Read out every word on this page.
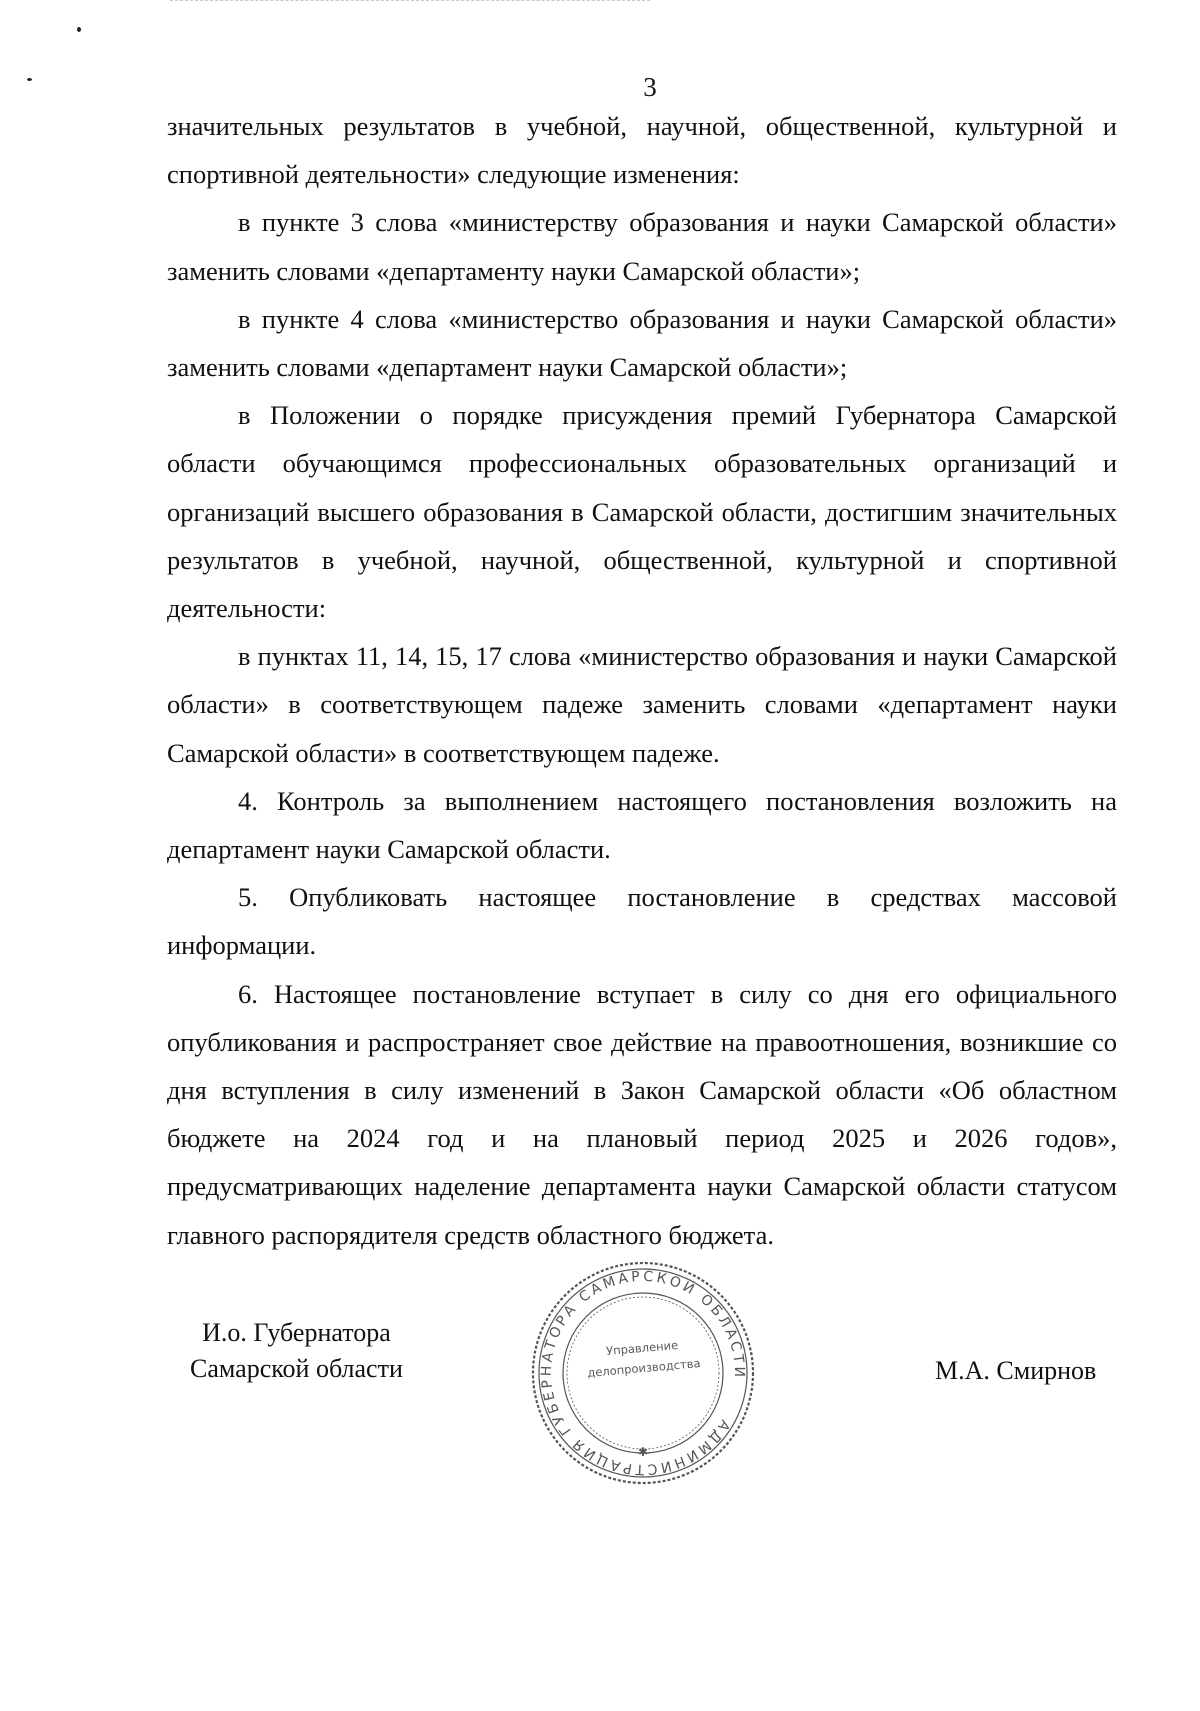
3

значительных результатов в учебной, научной, общественной, культурной и спортивной деятельности» следующие изменения:

в пункте 3 слова «министерству образования и науки Самарской области» заменить словами «департаменту науки Самарской области»;

в пункте 4 слова «министерство образования и науки Самарской области» заменить словами «департамент науки Самарской области»;

в Положении о порядке присуждения премий Губернатора Самарской области обучающимся профессиональных образовательных организаций и организаций высшего образования в Самарской области, достигшим значительных результатов в учебной, научной, общественной, культурной и спортивной деятельности:

в пунктах 11, 14, 15, 17 слова «министерство образования и науки Самарской области» в соответствующем падеже заменить словами «департамент науки Самарской области» в соответствующем падеже.

4. Контроль за выполнением настоящего постановления возложить на департамент науки Самарской области.

5. Опубликовать настоящее постановление в средствах массовой информации.

6. Настоящее постановление вступает в силу со дня его официального опубликования и распространяет свое действие на правоотношения, возникшие со дня вступления в силу изменений в Закон Самарской области «Об областном бюджете на 2024 год и на плановый период 2025 и 2026 годов», предусматривающих наделение департамента науки Самарской области статусом главного распорядителя средств областного бюджета.

И.о. Губернатора
Самарской области	М.А. Смирнов
АДМИНИСТРАЦИЯ ГУБЕРНАТОРА САМАРСКОЙ ОБЛАСТИ
✱
Управление
делопроизводства
